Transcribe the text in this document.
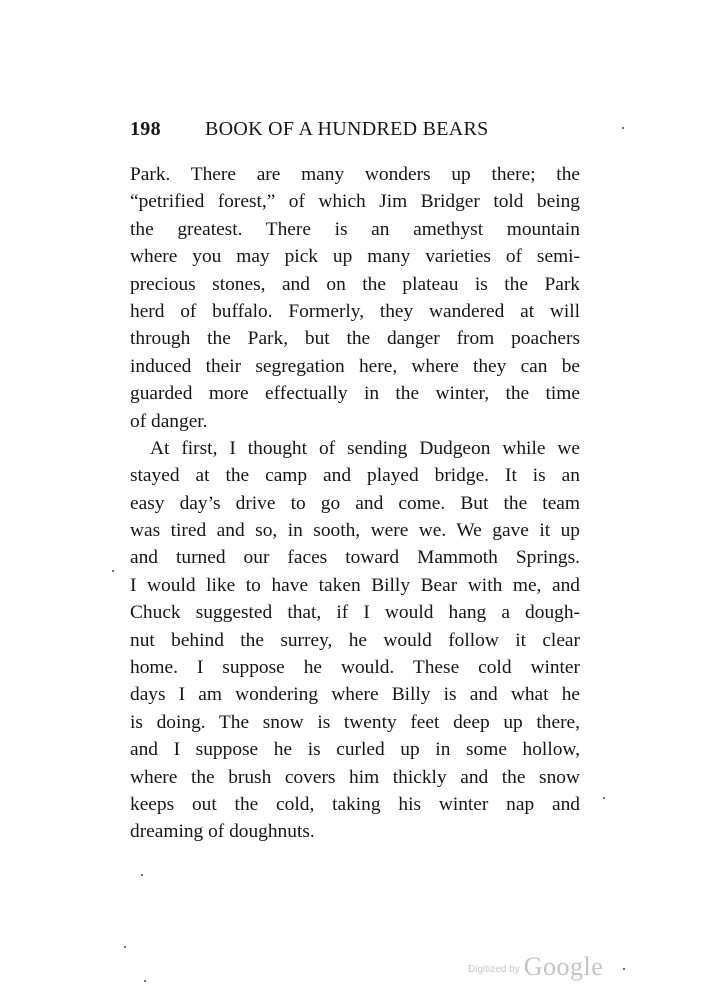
198 BOOK OF A HUNDRED BEARS
Park. There are many wonders up there; the
“petrified forest,” of which Jim Bridger told being
the greatest. There is an amethyst mountain
where you may pick up many varieties of semi-
precious stones, and on the plateau is the Park
herd of buffalo. Formerly, they wandered at will
through the Park, but the danger from poachers
induced their segregation here, where they can be
guarded more effectually in the winter, the time
of danger.
At first, I thought of sending Dudgeon while we
stayed at the camp and played bridge. It is an
easy day’s drive to go and come. But the team
was tired and so, in sooth, were we. We gave it up
and turned our faces toward Mammoth Springs.
I would like to have taken Billy Bear with me, and
Chuck suggested that, if I would hang a dough-
nut behind the surrey, he would follow it clear
home. I suppose he would. These cold winter
days I am wondering where Billy is and what he
is doing. The snow is twenty feet deep up there,
and I suppose he is curled up in some hollow,
where the brush covers him thickly and the snow
keeps out the cold, taking his winter nap and
dreaming of doughnuts.
Digitized by Google
